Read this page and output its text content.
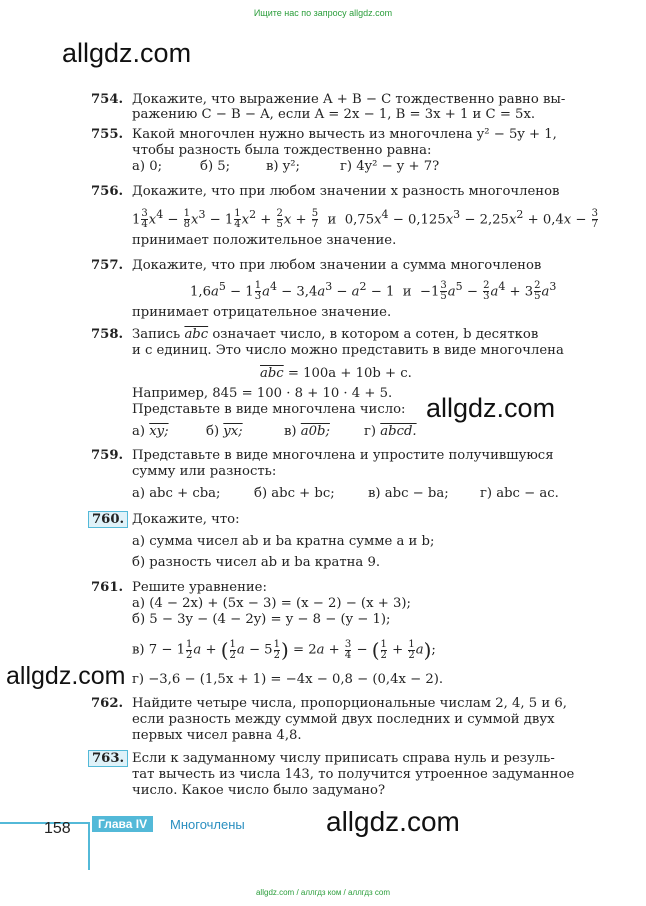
Ищите нас по запросу allgdz.com
allgdz.com
allgdz.com
allgdz.com
allgdz.com
754. Докажите, что выражение A + B − C тождественно равно вы-
ражению C − B − A, если A = 2x − 1, B = 3x + 1 и C = 5x.
755. Какой многочлен нужно вычесть из многочлена y² − 5y + 1,
чтобы разность была тождественно равна:
а) 0;	б) 5;	в) y²;	г) 4y² − y + 7?
756. Докажите, что при любом значении x разность многочленов
$1 \frac{3}{4} x^4 - \frac{1}{8} x^3 - 1 \frac{1}{4} x^2 + \frac{2}{5}$ $x + \frac{5}{7}$ и  $0,75x^4 - 0,125x^3 - 2,25x^2 + 0,4x - \frac{3}{7}$
принимает положительное значение.
757. Докажите, что при любом значении a сумма многочленов
$1,6a^5 - 1 \frac{1}{3} a^4 - 3,4a^3 - a^2 - 1$  $и -1 \frac{3}{5} a^5 - \frac{2}{3} a^4 + 3 \frac{2}{5} a^3$
принимает отрицательное значение.
758. Запись $\overline{abc}$ означает число, в котором a сотен, b десятков
и c единиц. Это число можно представить в виде многочлена
$\overline{abc} = 100a + 10b + c$.
Например, 845 = 100 · 8 + 10 · 4 + 5.
Представьте в виде многочлена число:
а) xy;	б) yx;	в) a0b;	г) abcd.
759. Представьте в виде многочлена и упростите получившуюся
сумму или разность:
а) abc + cba;	б) abc + bc;	в) abc − ba; г) abc − ac.
760. Докажите, что:
а) сумма чисел ab и ba кратна сумме a и b;
б) разность чисел ab и ba кратна 9.
761. Решите уравнение:
а) (4 − 2x) + (5x − 3) = (x − 2) − (x + 3);
б) 5 − 3y − (4 − 2y) = y − 8 − (y − 1);
в) $7 - 1 \frac{1}{2}$ a + ( $\frac{1}{2}$ $a - 5 \frac{1}{2}$ ) = $2a + \frac{3}{4}$ − ( $\frac{1}{2} + \frac{1}{2} a$);
г) −3,6 − (1,5x + 1) = −4x − 0,8 − (0,4x − 2).
762. Найдите четыре числа, пропорциональные числам 2, 4, 5 и 6,
если разность между суммой двух последних и суммой двух
первых чисел равна 4,8.
763. Если к задуманному числу приписать справа нуль и резуль-
тат вычесть из числа 143, то получится утроенное задуманное
число. Какое число было задумано?
158	Глава IV	Многочлены
allgdz.com / аллгдз ком / аллгдз com
